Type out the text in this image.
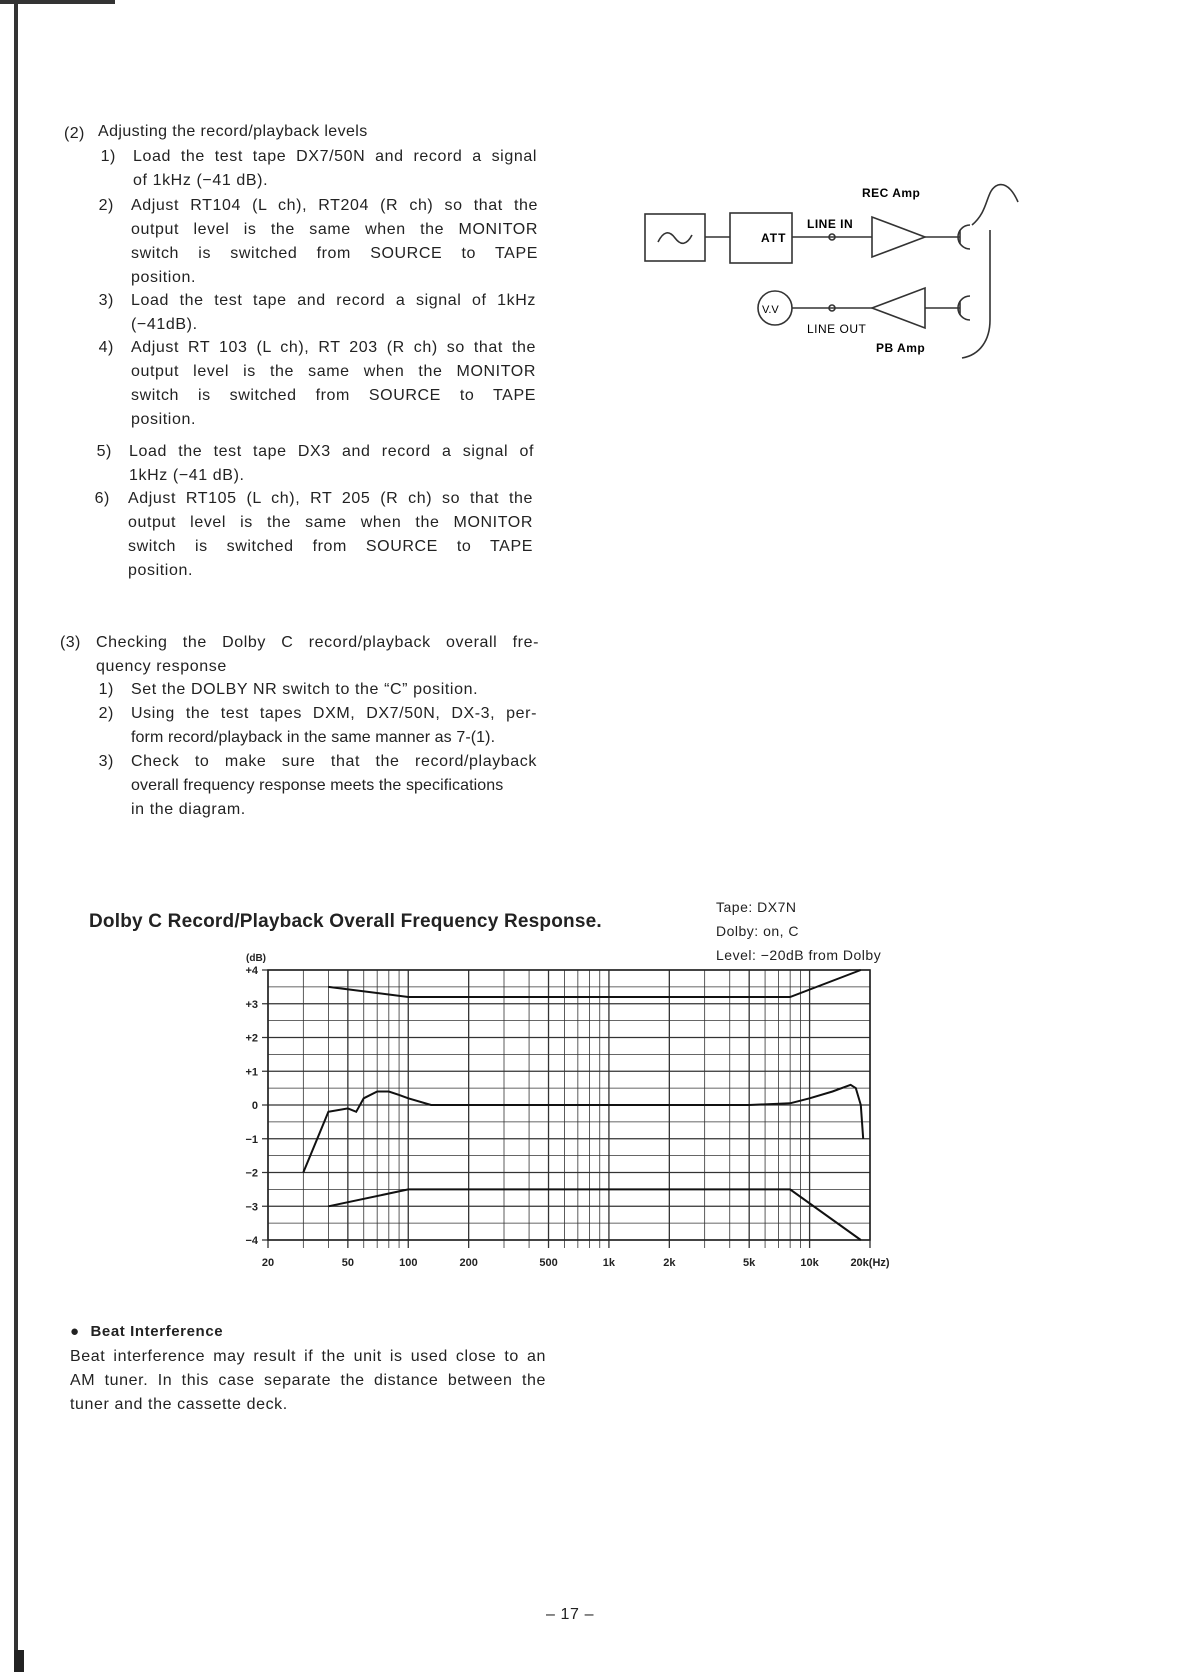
(2) Adjusting the record/playback levels
1) Load the test tape DX7/50N and record a signal
of 1kHz (−41 dB).
2) Adjust RT104 (L ch), RT204 (R ch) so that the
output level is the same when the MONITOR
switch is switched from SOURCE to TAPE
position.
3) Load the test tape and record a signal of 1kHz
(−41dB).
4) Adjust RT 103 (L ch), RT 203 (R ch) so that the
output level is the same when the MONITOR
switch is switched from SOURCE to TAPE
position.
5) Load the test tape DX3 and record a signal of
1kHz (−41 dB).
6) Adjust RT105 (L ch), RT 205 (R ch) so that the
output level is the same when the MONITOR
switch is switched from SOURCE to TAPE
position.
(3) Checking the Dolby C record/playback overall fre-
quency response
1) Set the DOLBY NR switch to the “C” position.
2) Using the test tapes DXM, DX7/50N, DX-3, per-
form record/playback in the same manner as 7-(1).
3) Check to make sure that the record/playback
overall frequency response meets the specifications
in the diagram.
ATT
V.V
REC Amp
LINE IN
LINE OUT
PB Amp
Dolby C Record/Playback Overall Frequency Response.
Tape: DX7N
Dolby: on, C
Level: −20dB from Dolby
+4
+3
+2
+1
0
−1
−2
−3
−4
(dB)
20	50	100	200	500	1k	2k	5k	10k	20k(Hz)
● Beat Interference
Beat interference may result if the unit is used close to an
AM tuner. In this case separate the distance between the
tuner and the cassette deck.
– 17 –
